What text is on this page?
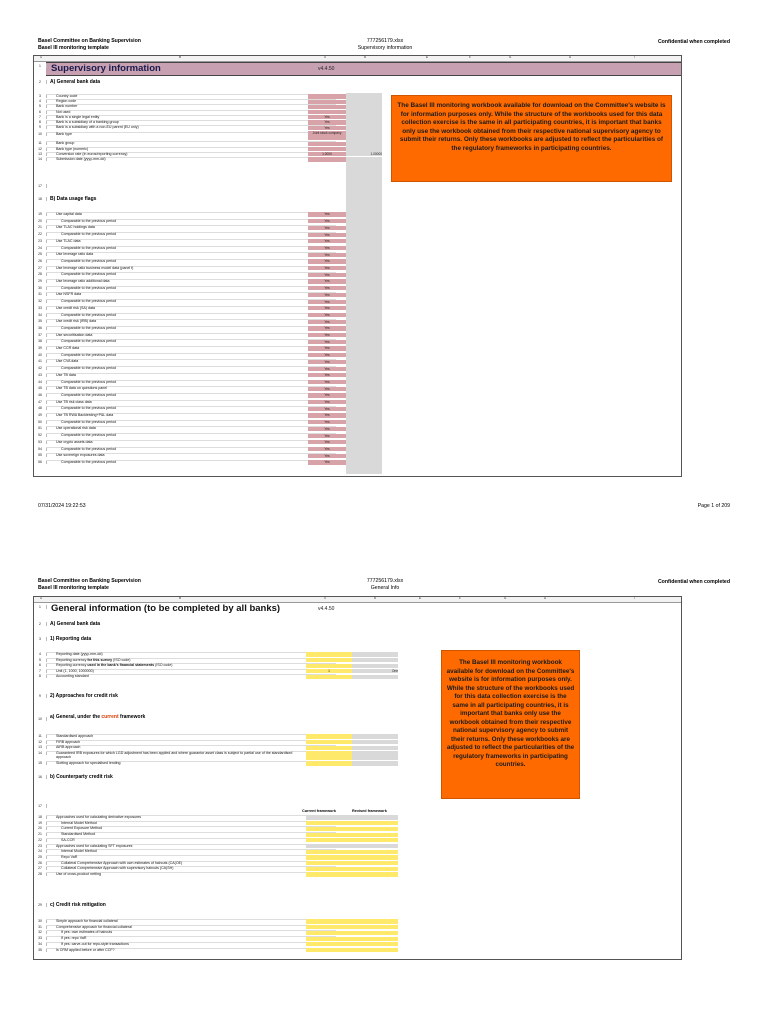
Basel Committee on Banking Supervision
Basel III monitoring template
777256179.xlsx
Supervisory information
Confidential when completed
A	B	C	D	E	F	G	H	I
Supervisory information	v4.4.50
1
2	A) General bank data
3	Country code
4	Region code
5	Bank number
6	Not used
7	Bank is a single legal entity	Yes
8	Bank is a subsidiary of a banking group	Yes
9	Bank is a subsidiary with a non-EU parent (EU only)	Yes
10	Bank type	Joint stock company
11	Bank group
12	Bank type (numeric)
13	Conversion rate (in euros/reporting currency)	1.0000	1.00000
14	Submission date (yyyy-mm-dd)
17
18	B) Data usage flags
19	Use capital data	Yes
20	Comparable to the previous period	Yes
21	Use TLAC holdings data	Yes
22	Comparable to the previous period	Yes
23	Use TLAC data	Yes
24	Comparable to the previous period	Yes
25	Use leverage ratio data	Yes
26	Comparable to the previous period	Yes
27	Use leverage ratio business model data (panel f)	Yes
28	Comparable to the previous period	Yes
29	Use leverage ratio additional data	Yes
30	Comparable to the previous period	Yes
31	Use NSFR data	Yes
32	Comparable to the previous period	Yes
33	Use credit risk (SA) data	Yes
34	Comparable to the previous period	Yes
35	Use credit risk (IRB) data	Yes
36	Comparable to the previous period	Yes
37	Use securitisation data	Yes
38	Comparable to the previous period	Yes
39	Use CCR data	Yes
40	Comparable to the previous period	Yes
41	Use CVA data	Yes
42	Comparable to the previous period	Yes
43	Use TB data	Yes
44	Comparable to the previous period	Yes
45	Use TB data on questions panel	Yes
46	Comparable to the previous period	Yes
47	Use TB risk class data	Yes
48	Comparable to the previous period	Yes
49	Use TB RWA Backtesting+P&L data	Yes
50	Comparable to the previous period	Yes
51	Use operational risk data	Yes
52	Comparable to the previous period	Yes
53	Use crypto assets data	Yes
54	Comparable to the previous period	Yes
55	Use sovereign exposures data	Yes
56	Comparable to the previous period	Yes
The Basel III monitoring workbook available for download on the Committee's website is for information purposes only. While the structure of the workbooks used for this data collection exercise is the same in all participating countries, it is important that banks only use the workbook obtained from their respective national supervisory agency to submit their returns. Only these workbooks are adjusted to reflect the particularities of the regulatory frameworks in participating countries.
07/31/2024 19:22:53	Page 1 of 209
Basel Committee on Banking Supervision
Basel III monitoring template
777256179.xlsx
General Info
Confidential when completed
A	B	C	D	E	F	G	H	I
General information (to be completed by all banks)	v4.4.50
1
2	A) General bank data
3	1) Reporting data
4	Reporting date (yyyy-mm-dd)
5	Reporting currency for this survey (ISO code)
6	Reporting currency used in the bank's financial statements (ISO code)
7	Unit (1, 1000, 1000000)	1	One
8	Accounting standard
9	2) Approaches for credit risk
10	a) General, under the current framework
11	Standardised approach
12	FIRB approach
13	AIRB approach
14	Guaranteed IRB exposures for which LGD adjustment has been applied and where guarantor asset class is subject to partial use of the standardised approach
15	Slotting approach for specialised lending
16	b) Counterparty credit risk
17
Current framework	Revised framework
18	Approaches used for calculating derivative exposures
19	Internal Model Method
20	Current Exposure Method
21	Standardised Method
22	SA-CCR
23	Approaches used for calculating SFT exposures
24	Internal Model Method
25	Repo VaR
26	Collateral Comprehensive Approach with own estimates of haircuts (CA(OE)
27	Collateral Comprehensive Approach with supervisory haircuts (CA(SH)
28	Use of cross-product netting
29	c) Credit risk mitigation
30	Simple approach for financial collateral
31	Comprehensive approach for financial collateral
32	If yes: own estimates of haircuts
33	If yes: repo VaR
34	If yes: carve-out for repo-style transactions
35	Is CRM applied before or after CCF?
The Basel III monitoring workbook available for download on the Committee's website is for information purposes only. While the structure of the workbooks used for this data collection exercise is the same in all participating countries, it is important that banks only use the workbook obtained from their respective national supervisory agency to submit their returns. Only these workbooks are adjusted to reflect the particularities of the regulatory frameworks in participating countries.
